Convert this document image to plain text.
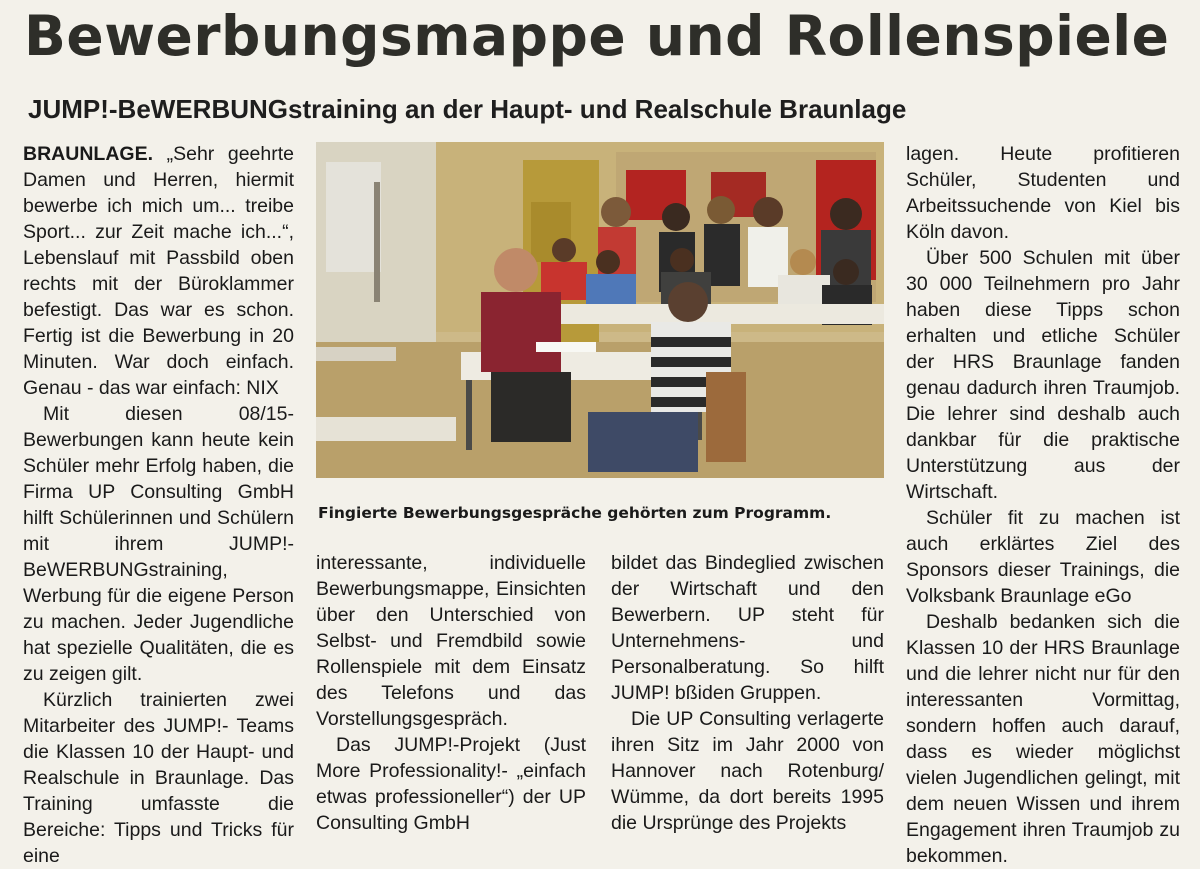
Bewerbungsmappe und Rollenspiele
JUMP!-BeWERBUNGstraining an der Haupt- und Realschule Braunlage

BRAUNLAGE. „Sehr geehrte Damen und Herren, hiermit bewerbe ich mich um... treibe Sport... zur Zeit mache ich...“, Lebenslauf mit Passbild oben rechts mit der Büroklammer befestigt. Das war es schon. Fertig ist die Bewerbung in 20 Minuten. War doch einfach. Genau - das war einfach: NIX

Mit diesen 08/15-Bewerbungen kann heute kein Schüler mehr Erfolg haben, die Firma UP Consulting GmbH hilft Schülerinnen und Schülern mit ihrem JUMP!-BeWERBUNGstraining, Werbung für die eigene Person zu machen. Jeder Jugendliche hat spezielle Qualitäten, die es zu zeigen gilt.

Kürzlich trainierten zwei Mitarbeiter des JUMP!- Teams die Klassen 10 der Haupt- und Realschule in Braunlage. Das Training umfasste die Bereiche: Tipps und Tricks für eine

Fingierte Bewerbungsgespräche gehörten zum Programm.

interessante, individuelle Bewerbungsmappe, Einsichten über den Unterschied von Selbst- und Fremdbild sowie Rollenspiele mit dem Einsatz des Telefons und das Vorstellungsgespräch.

Das JUMP!-Projekt (Just More Professionality!- „einfach etwas professioneller“) der UP Consulting GmbH

bildet das Bindeglied zwischen der Wirtschaft und den Bewerbern. UP steht für Unternehmens- und Personalberatung. So hilft JUMP! bßiden Gruppen.

Die UP Consulting verlagerte ihren Sitz im Jahr 2000 von Hannover nach Rotenburg/ Wümme, da dort bereits 1995 die Ursprünge des Projekts

lagen. Heute profitieren Schüler, Studenten und Arbeitssuchende von Kiel bis Köln davon.

Über 500 Schulen mit über 30 000 Teilnehmern pro Jahr haben diese Tipps schon erhalten und etliche Schüler der HRS Braunlage fanden genau dadurch ihren Traumjob. Die lehrer sind deshalb auch dankbar für die praktische Unterstützung aus der Wirtschaft.

Schüler fit zu machen ist auch erklärtes Ziel des Sponsors dieser Trainings, die Volksbank Braunlage eGo

Deshalb bedanken sich die Klassen 10 der HRS Braunlage und die lehrer nicht nur für den interessanten Vormittag, sondern hoffen auch darauf, dass es wieder möglichst vielen Jugendlichen gelingt, mit dem neuen Wissen und ihrem Engagement ihren Traumjob zu bekommen.
